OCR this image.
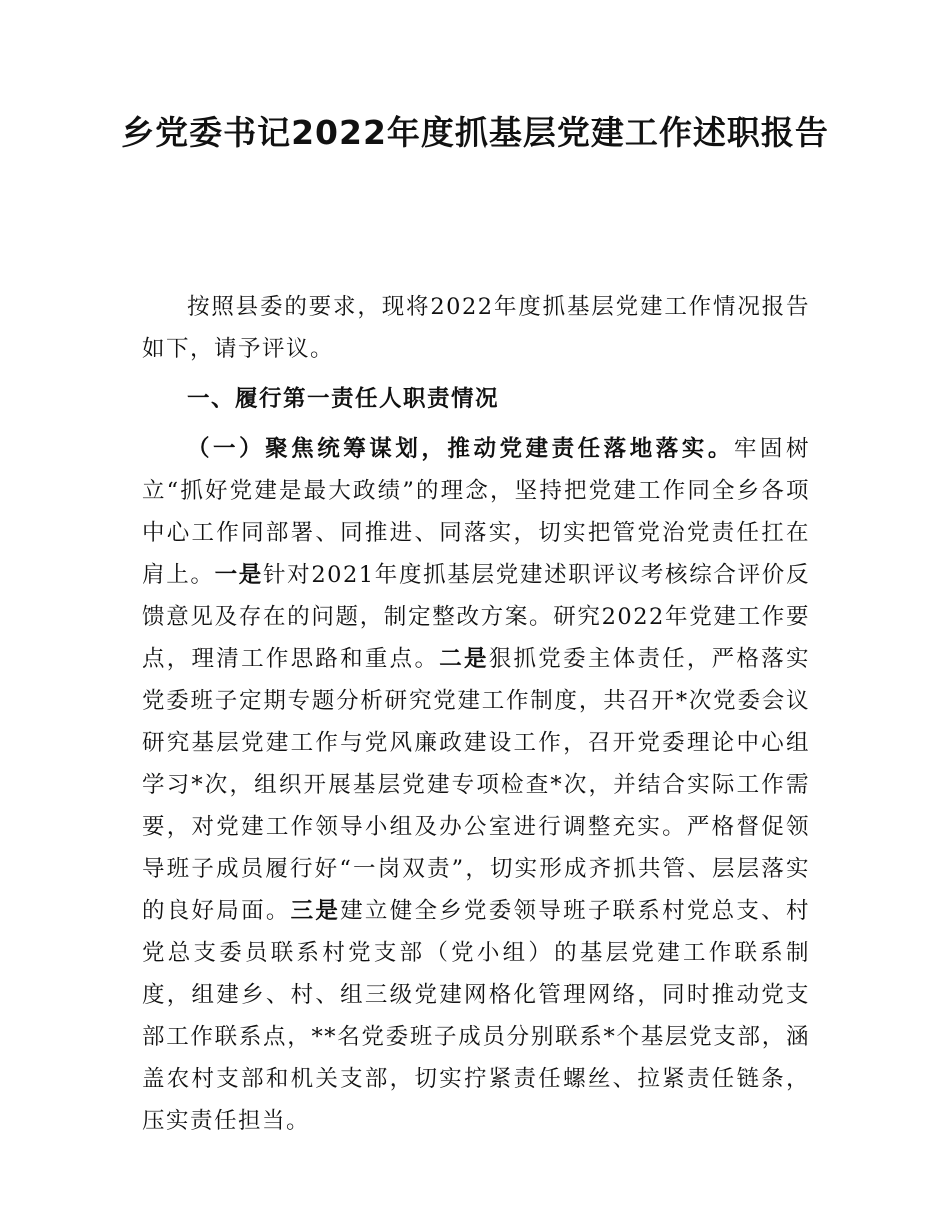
乡党委书记2022年度抓基层党建工作述职报告

按照县委的要求，现将2022年度抓基层党建工作情况报告如下，请予评议。

一、履行第一责任人职责情况

（一）聚焦统筹谋划，推动党建责任落地落实。牢固树立“抓好党建是最大政绩”的理念，坚持把党建工作同全乡各项中心工作同部署、同推进、同落实，切实把管党治党责任扛在肩上。一是针对2021年度抓基层党建述职评议考核综合评价反馈意见及存在的问题，制定整改方案。研究2022年党建工作要点，理清工作思路和重点。二是狠抓党委主体责任，严格落实党委班子定期专题分析研究党建工作制度，共召开*次党委会议研究基层党建工作与党风廉政建设工作，召开党委理论中心组学习*次，组织开展基层党建专项检查*次，并结合实际工作需要，对党建工作领导小组及办公室进行调整充实。严格督促领导班子成员履行好“一岗双责”，切实形成齐抓共管、层层落实的良好局面。三是建立健全乡党委领导班子联系村党总支、村党总支委员联系村党支部（党小组）的基层党建工作联系制度，组建乡、村、组三级党建网格化管理网络，同时推动党支部工作联系点，**名党委班子成员分别联系*个基层党支部，涵盖农村支部和机关支部，切实拧紧责任螺丝、拉紧责任链条，压实责任担当。
